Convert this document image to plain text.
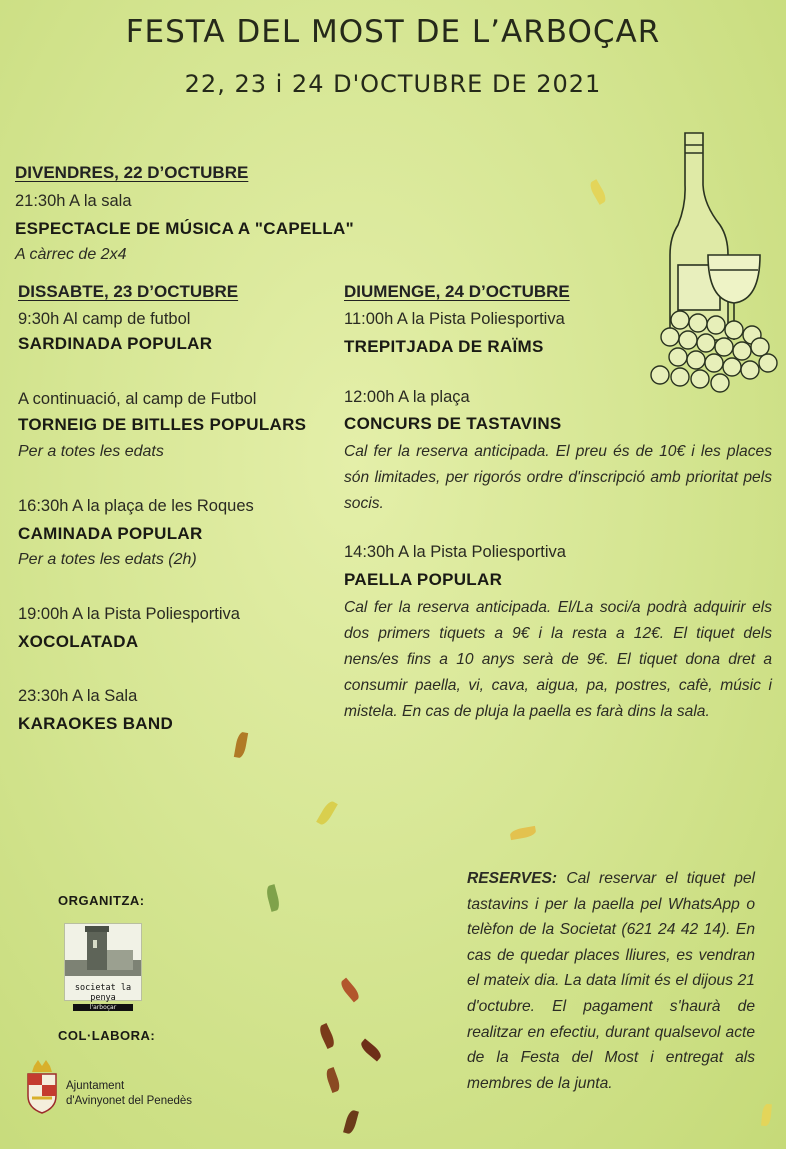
FESTA DEL MOST DE L’ARBOÇAR
22, 23 i 24 D'OCTUBRE DE 2021
DIVENDRES, 22 D’OCTUBRE
21:30h A la sala
ESPECTACLE DE MÚSICA A "CAPELLA"
A càrrec de 2x4
DISSABTE, 23 D’OCTUBRE
9:30h Al camp de futbol
SARDINADA POPULAR
A continuació, al camp de Futbol
TORNEIG DE BITLLES POPULARS
Per a totes les edats
16:30h A la plaça de les Roques
CAMINADA POPULAR
Per a totes les edats (2h)
19:00h A la Pista Poliesportiva
XOCOLATADA
23:30h A la Sala
KARAOKES BAND
DIUMENGE, 24 D’OCTUBRE
11:00h A la Pista Poliesportiva
TREPITJADA DE RAÏMS
12:00h A la plaça
CONCURS DE TASTAVINS
Cal fer la reserva anticipada. El preu és de 10€ i les places són limitades, per rigorós ordre d'inscripció amb prioritat pels socis.
14:30h A la Pista Poliesportiva
PAELLA POPULAR
Cal fer la reserva anticipada. El/La soci/a podrà adquirir els dos primers tiquets a 9€ i la resta a 12€. El tiquet dels nens/es fins a 10 anys serà de 9€. El tiquet dona dret a consumir paella, vi, cava, aigua, pa, postres, cafè, músic i mistela. En cas de pluja la paella es farà dins la sala.
ORGANITZA:
societat la penya
l'arboçar
COL·LABORA:
Ajuntament
d'Avinyonet del Penedès
RESERVES: Cal reservar el tiquet pel tastavins i per la paella pel WhatsApp o telèfon de la Societat (621 24 42 14). En cas de quedar places lliures, es vendran el mateix dia. La data límit és el dijous 21 d'octubre. El pagament s'haurà de realitzar en efectiu, durant qualsevol acte de la Festa del Most i entregat als membres de la junta.
